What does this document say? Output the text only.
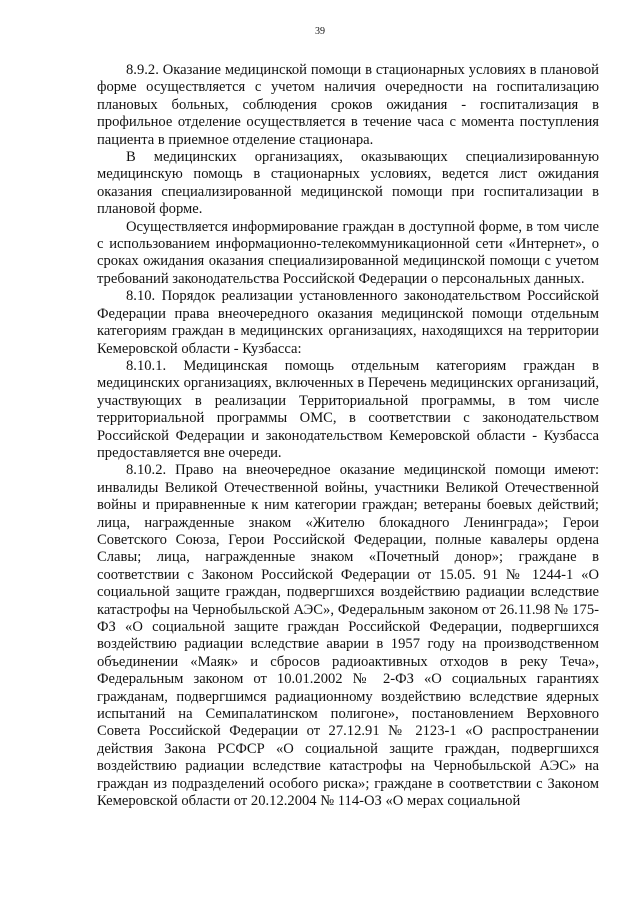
39

8.9.2. Оказание медицинской помощи в стационарных условиях в плановой форме осуществляется с учетом наличия очередности на госпитализацию плановых больных, соблюдения сроков ожидания - госпитализация в профильное отделение осуществляется в течение часа с момента поступления пациента в приемное отделение стационара.

В медицинских организациях, оказывающих специализированную медицинскую помощь в стационарных условиях, ведется лист ожидания оказания специализированной медицинской помощи при госпитализации в плановой форме.

Осуществляется информирование граждан в доступной форме, в том числе с использованием информационно-телекоммуникационной сети «Интернет», о сроках ожидания оказания специализированной медицинской помощи с учетом требований законодательства Российской Федерации о персональных данных.

8.10. Порядок реализации установленного законодательством Российской Федерации права внеочередного оказания медицинской помощи отдельным категориям граждан в медицинских организациях, находящихся на территории Кемеровской области - Кузбасса:

8.10.1. Медицинская помощь отдельным категориям граждан в медицинских организациях, включенных в Перечень медицинских организаций, участвующих в реализации Территориальной программы, в том числе территориальной программы ОМС, в соответствии с законодательством Российской Федерации и законодательством Кемеровской области - Кузбасса предоставляется вне очереди.

8.10.2. Право на внеочередное оказание медицинской помощи имеют: инвалиды Великой Отечественной войны, участники Великой Отечественной войны и приравненные к ним категории граждан; ветераны боевых действий; лица, награжденные знаком «Жителю блокадного Ленинграда»; Герои Советского Союза, Герои Российской Федерации, полные кавалеры ордена Славы; лица, награжденные знаком «Почетный донор»; граждане в соответствии с Законом Российской Федерации от 15.05. 91 № 1244-1 «О социальной защите граждан, подвергшихся воздействию радиации вследствие катастрофы на Чернобыльской АЭС», Федеральным законом от 26.11.98 № 175-ФЗ «О социальной защите граждан Российской Федерации, подвергшихся воздействию радиации вследствие аварии в 1957 году на производственном объединении «Маяк» и сбросов радиоактивных отходов в реку Теча», Федеральным законом от 10.01.2002 № 2-ФЗ «О социальных гарантиях гражданам, подвергшимся радиационному воздействию вследствие ядерных испытаний на Семипалатинском полигоне», постановлением Верховного Совета Российской Федерации от 27.12.91 № 2123-1 «О распространении действия Закона РСФСР «О социальной защите граждан, подвергшихся воздействию радиации вследствие катастрофы на Чернобыльской АЭС» на граждан из подразделений особого риска»; граждане в соответствии с Законом Кемеровской области от 20.12.2004 № 114-ОЗ «О мерах социальной
